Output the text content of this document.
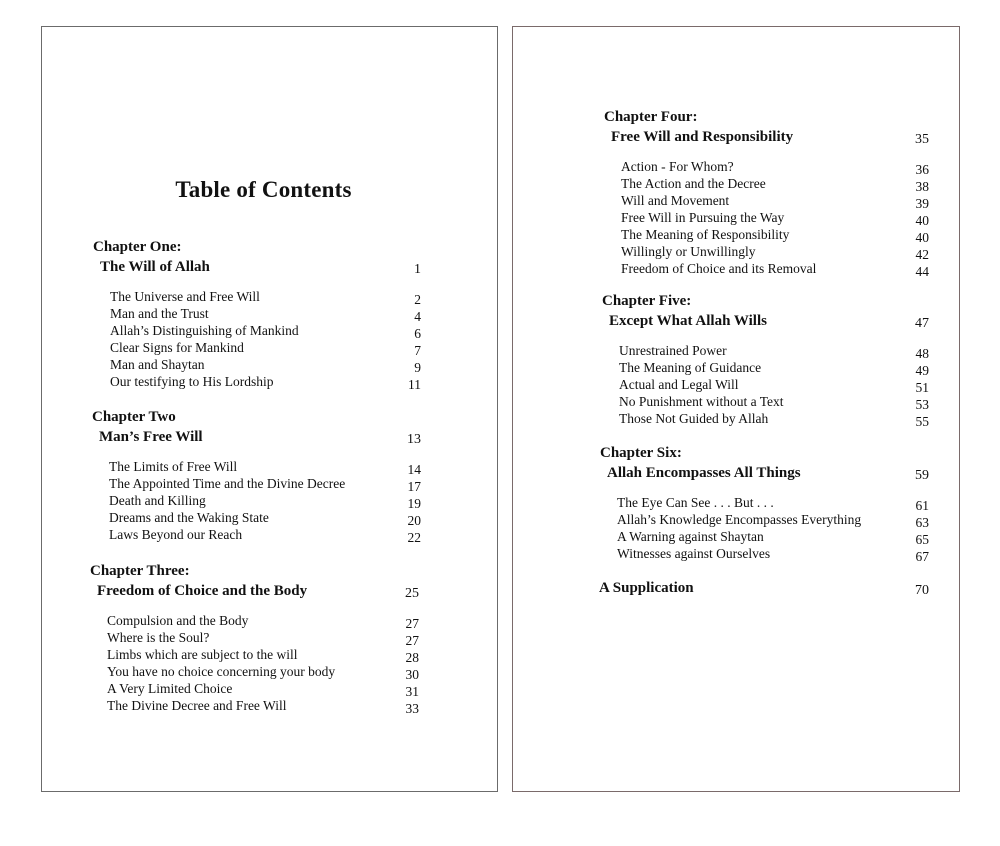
Table of Contents
Chapter One:
The Will of Allah	1
The Universe and Free Will	2
Man and the Trust	4
Allah’s Distinguishing of Mankind	6
Clear Signs for Mankind	7
Man and Shaytan	9
Our testifying to His Lordship	11
Chapter Two
Man’s Free Will	13
The Limits of Free Will	14
The Appointed Time and the Divine Decree	17
Death and Killing	19
Dreams and the Waking State	20
Laws Beyond our Reach	22
Chapter Three:
Freedom of Choice and the Body	25
Compulsion and the Body	27
Where is the Soul?	27
Limbs which are subject to the will	28
You have no choice concerning your body	30
A Very Limited Choice	31
The Divine Decree and Free Will	33
Chapter Four:
Free Will and Responsibility	35
Action - For Whom?	36
The Action and the Decree	38
Will and Movement	39
Free Will in Pursuing the Way	40
The Meaning of Responsibility	40
Willingly or Unwillingly	42
Freedom of Choice and its Removal	44
Chapter Five:
Except What Allah Wills	47
Unrestrained Power	48
The Meaning of Guidance	49
Actual and Legal Will	51
No Punishment without a Text	53
Those Not Guided by Allah	55
Chapter Six:
Allah Encompasses All Things	59
The Eye Can See . . . But . . .	61
Allah’s Knowledge Encompasses Everything	63
A Warning against Shaytan	65
Witnesses against Ourselves	67
A Supplication	70
